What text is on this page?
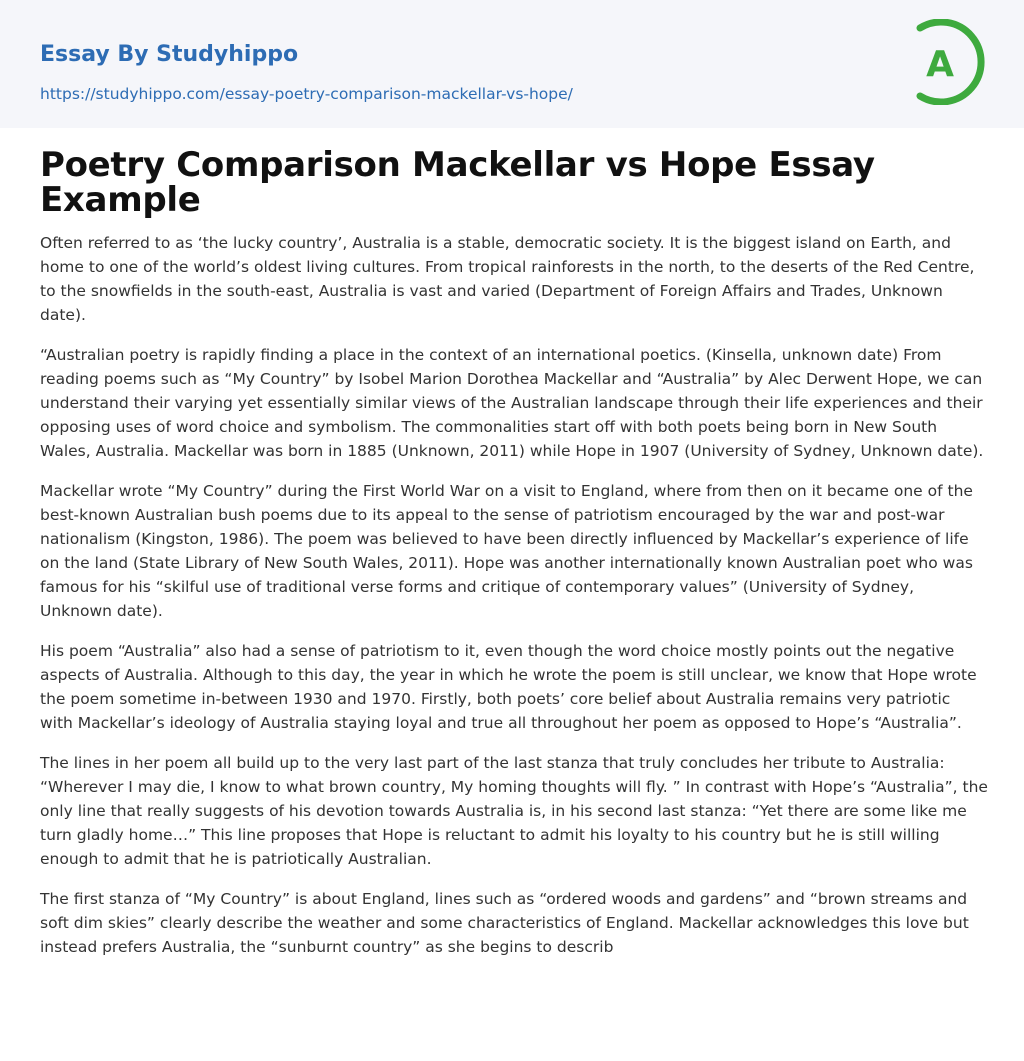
Essay By Studyhippo
https://studyhippo.com/essay-poetry-comparison-mackellar-vs-hope/
A
Poetry Comparison Mackellar vs Hope Essay Example

Often referred to as ‘the lucky country’, Australia is a stable, democratic society. It is the biggest island on Earth, and home to one of the world’s oldest living cultures. From tropical rainforests in the north, to the deserts of the Red Centre, to the snowfields in the south-east, Australia is vast and varied (Department of Foreign Affairs and Trades, Unknown date).

“Australian poetry is rapidly finding a place in the context of an international poetics. (Kinsella, unknown date) From reading poems such as “My Country” by Isobel Marion Dorothea Mackellar and “Australia” by Alec Derwent Hope, we can understand their varying yet essentially similar views of the Australian landscape through their life experiences and their opposing uses of word choice and symbolism. The commonalities start off with both poets being born in New South Wales, Australia. Mackellar was born in 1885 (Unknown, 2011) while Hope in 1907 (University of Sydney, Unknown date).

Mackellar wrote “My Country” during the First World War on a visit to England, where from then on it became one of the best-known Australian bush poems due to its appeal to the sense of patriotism encouraged by the war and post-war nationalism (Kingston, 1986). The poem was believed to have been directly influenced by Mackellar’s experience of life on the land (State Library of New South Wales, 2011). Hope was another internationally known Australian poet who was famous for his “skilful use of traditional verse forms and critique of contemporary values” (University of Sydney, Unknown date).

His poem “Australia” also had a sense of patriotism to it, even though the word choice mostly points out the negative aspects of Australia. Although to this day, the year in which he wrote the poem is still unclear, we know that Hope wrote the poem sometime in-between 1930 and 1970. Firstly, both poets’ core belief about Australia remains very patriotic with Mackellar’s ideology of Australia staying loyal and true all throughout her poem as opposed to Hope’s “Australia”.

The lines in her poem all build up to the very last part of the last stanza that truly concludes her tribute to Australia: “Wherever I may die, I know to what brown country, My homing thoughts will fly. ” In contrast with Hope’s “Australia”, the only line that really suggests of his devotion towards Australia is, in his second last stanza: “Yet there are some like me turn gladly home…” This line proposes that Hope is reluctant to admit his loyalty to his country but he is still willing enough to admit that he is patriotically Australian.

The first stanza of “My Country” is about England, lines such as “ordered woods and gardens” and “brown streams and soft dim skies” clearly describe the weather and some characteristics of England. Mackellar acknowledges this love but instead prefers Australia, the “sunburnt country” as she begins to describ
